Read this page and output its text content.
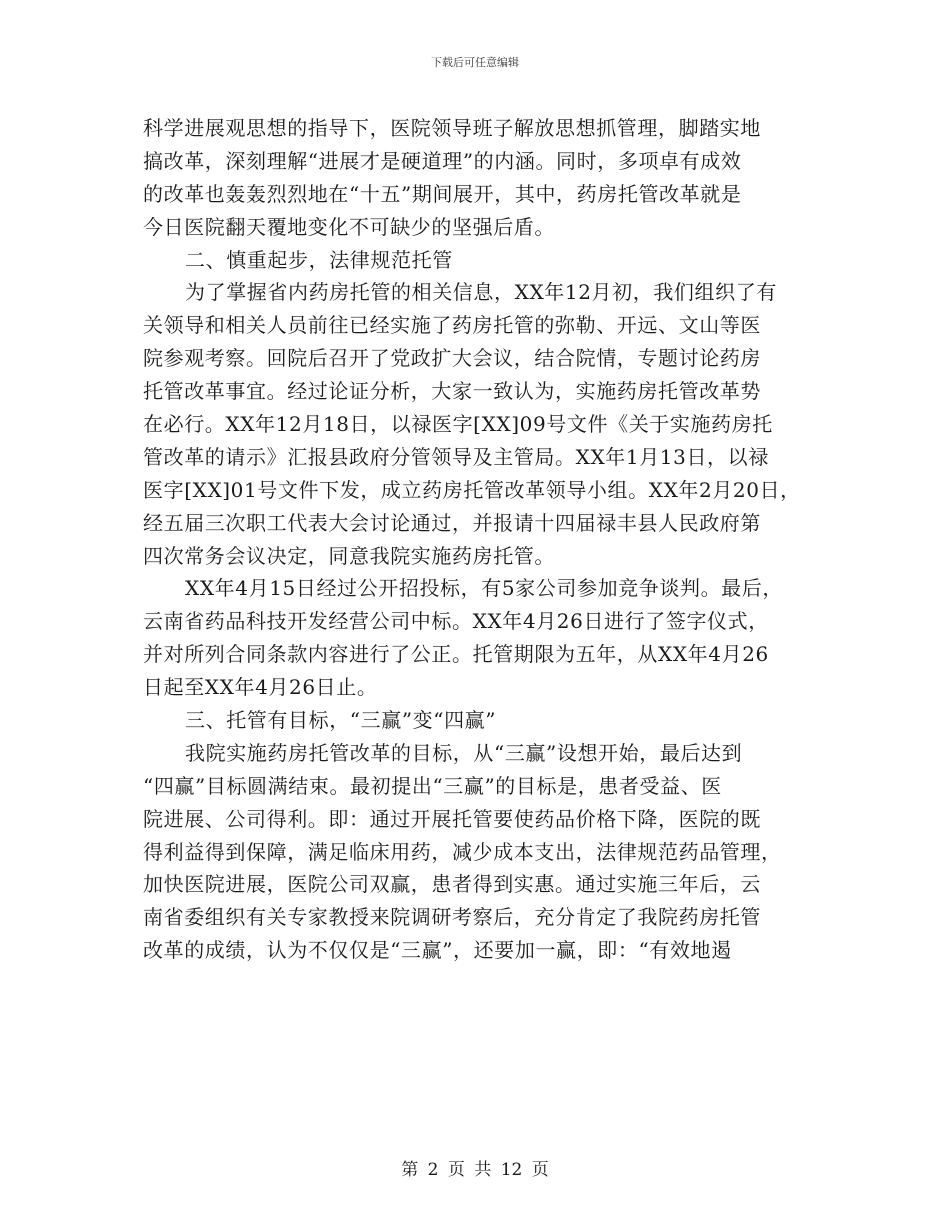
下载后可任意编辑
科学进展观思想的指导下，医院领导班子解放思想抓管理，脚踏实地
搞改革，深刻理解“进展才是硬道理”的内涵。同时，多项卓有成效
的改革也轰轰烈烈地在“十五”期间展开，其中，药房托管改革就是
今日医院翻天覆地变化不可缺少的坚强后盾。
二、慎重起步，法律规范托管
为了掌握省内药房托管的相关信息，XX年12月初，我们组织了有
关领导和相关人员前往已经实施了药房托管的弥勒、开远、文山等医
院参观考察。回院后召开了党政扩大会议，结合院情，专题讨论药房
托管改革事宜。经过论证分析，大家一致认为，实施药房托管改革势
在必行。XX年12月18日，以禄医字[XX]09号文件《关于实施药房托
管改革的请示》汇报县政府分管领导及主管局。XX年1月13日，以禄
医字[XX]01号文件下发，成立药房托管改革领导小组。XX年2月20日，
经五届三次职工代表大会讨论通过，并报请十四届禄丰县人民政府第
四次常务会议决定，同意我院实施药房托管。
XX年4月15日经过公开招投标，有5家公司参加竞争谈判。最后，
云南省药品科技开发经营公司中标。XX年4月26日进行了签字仪式，
并对所列合同条款内容进行了公正。托管期限为五年，从XX年4月26
日起至XX年4月26日止。
三、托管有目标，“三赢”变“四赢”
我院实施药房托管改革的目标，从“三赢”设想开始，最后达到
“四赢”目标圆满结束。最初提出“三赢”的目标是，患者受益、医
院进展、公司得利。即：通过开展托管要使药品价格下降，医院的既
得利益得到保障，满足临床用药，减少成本支出，法律规范药品管理，
加快医院进展，医院公司双赢，患者得到实惠。通过实施三年后，云
南省委组织有关专家教授来院调研考察后，充分肯定了我院药房托管
改革的成绩，认为不仅仅是“三赢”，还要加一赢，即：“有效地遏
第 2 页 共 12 页
